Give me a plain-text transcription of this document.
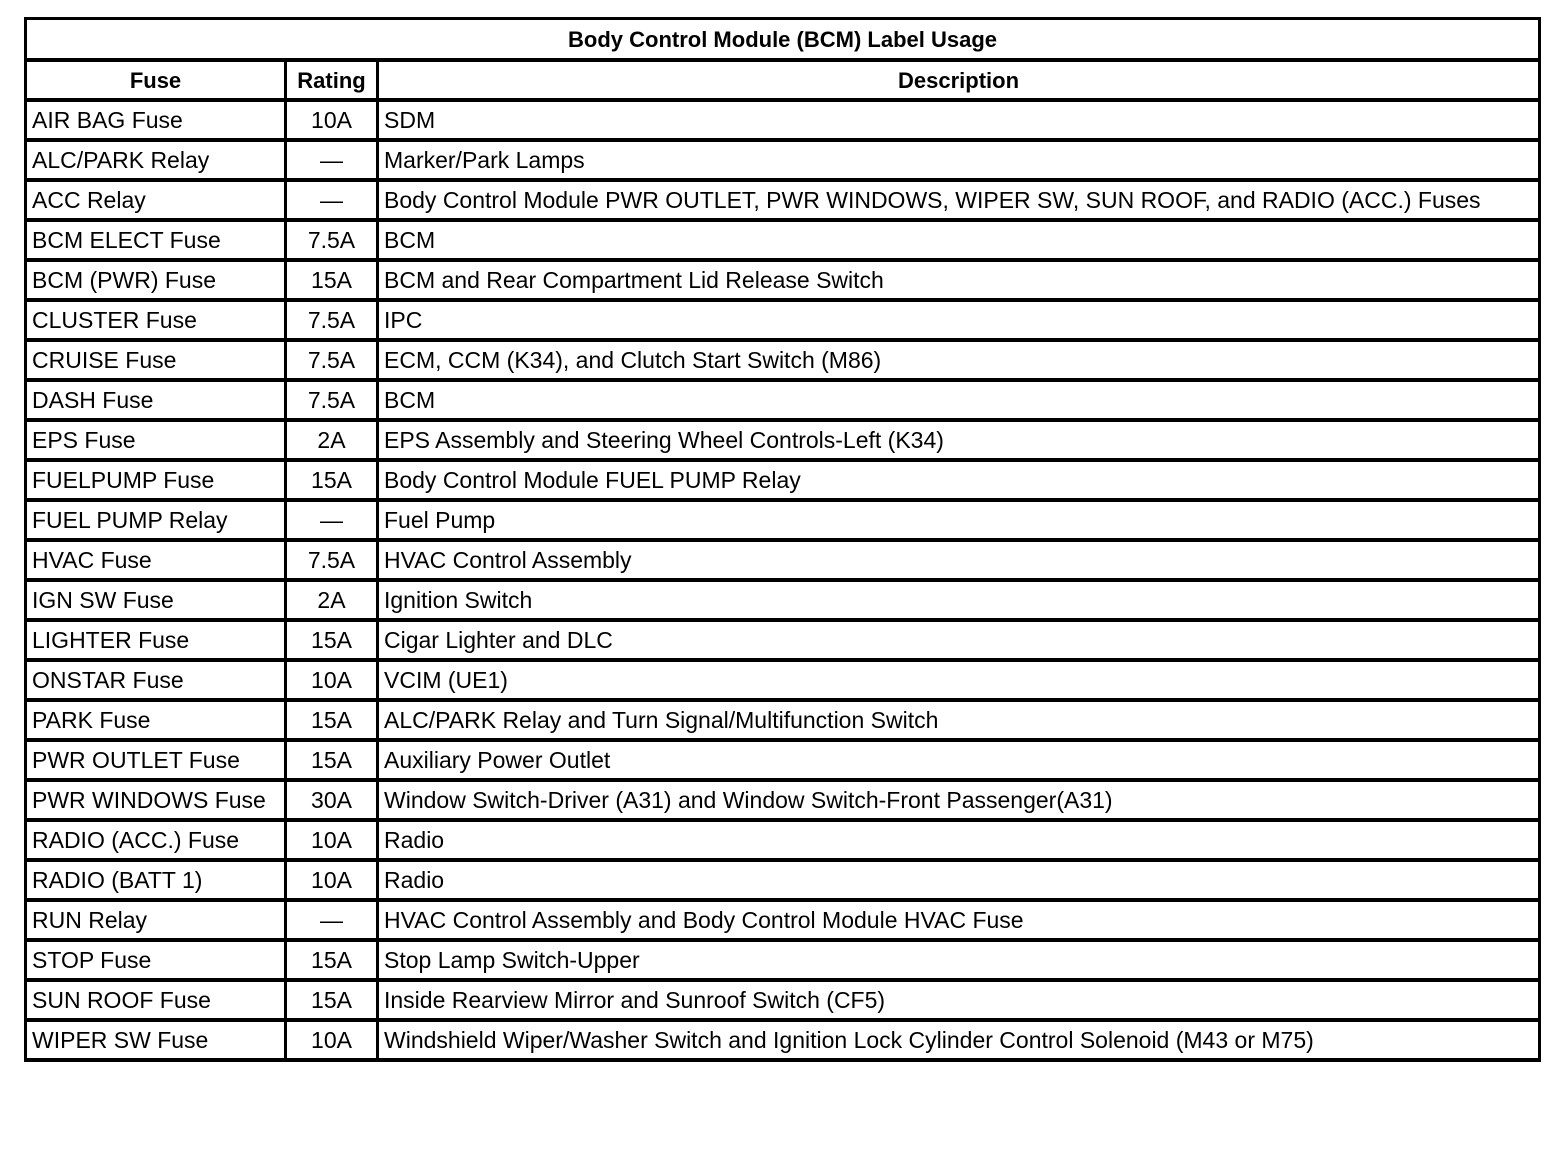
Body Control Module (BCM) Label Usage		
Fuse	Rating	Description
AIR BAG Fuse	10A	SDM
ALC/PARK Relay	—	Marker/Park Lamps
ACC Relay	—	Body Control Module PWR OUTLET, PWR WINDOWS, WIPER SW, SUN ROOF, and RADIO (ACC.) Fuses
BCM ELECT Fuse	7.5A	BCM
BCM (PWR) Fuse	15A	BCM and Rear Compartment Lid Release Switch
CLUSTER Fuse	7.5A	IPC
CRUISE Fuse	7.5A	ECM, CCM (K34), and Clutch Start Switch (M86)
DASH Fuse	7.5A	BCM
EPS Fuse	2A	EPS Assembly and Steering Wheel Controls-Left (K34)
FUELPUMP Fuse	15A	Body Control Module FUEL PUMP Relay
FUEL PUMP Relay	—	Fuel Pump
HVAC Fuse	7.5A	HVAC Control Assembly
IGN SW Fuse	2A	Ignition Switch
LIGHTER Fuse	15A	Cigar Lighter and DLC
ONSTAR Fuse	10A	VCIM (UE1)
PARK Fuse	15A	ALC/PARK Relay and Turn Signal/Multifunction Switch
PWR OUTLET Fuse	15A	Auxiliary Power Outlet
PWR WINDOWS Fuse	30A	Window Switch-Driver (A31) and Window Switch-Front Passenger(A31)
RADIO (ACC.) Fuse	10A	Radio
RADIO (BATT 1)	10A	Radio
RUN Relay	—	HVAC Control Assembly and Body Control Module HVAC Fuse
STOP Fuse	15A	Stop Lamp Switch-Upper
SUN ROOF Fuse	15A	Inside Rearview Mirror and Sunroof Switch (CF5)
WIPER SW Fuse	10A	Windshield Wiper/Washer Switch and Ignition Lock Cylinder Control Solenoid (M43 or M75)
